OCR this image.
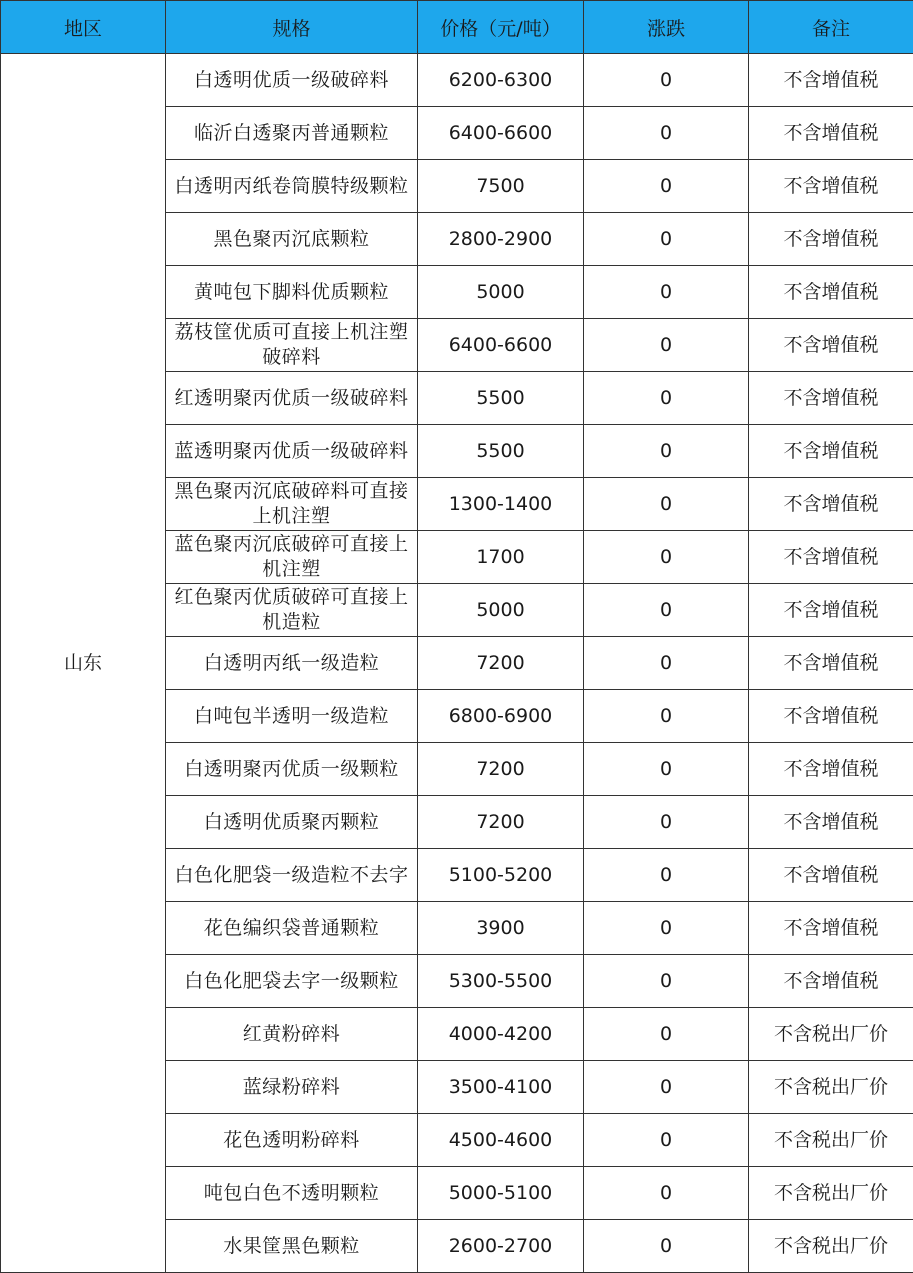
地区	规格	价格（元/吨）	涨跌	备注
山东	白透明优质一级破碎料	6200-6300	0	不含增值税
	临沂白透聚丙普通颗粒	6400-6600	0	不含增值税
	白透明丙纸卷筒膜特级颗粒	7500	0	不含增值税
	黑色聚丙沉底颗粒	2800-2900	0	不含增值税
	黄吨包下脚料优质颗粒	5000	0	不含增值税
	荔枝筐优质可直接上机注塑破碎料	6400-6600	0	不含增值税
	红透明聚丙优质一级破碎料	5500	0	不含增值税
	蓝透明聚丙优质一级破碎料	5500	0	不含增值税
	黑色聚丙沉底破碎料可直接上机注塑	1300-1400	0	不含增值税
	蓝色聚丙沉底破碎可直接上机注塑	1700	0	不含增值税
	红色聚丙优质破碎可直接上机造粒	5000	0	不含增值税
	白透明丙纸一级造粒	7200	0	不含增值税
	白吨包半透明一级造粒	6800-6900	0	不含增值税
	白透明聚丙优质一级颗粒	7200	0	不含增值税
	白透明优质聚丙颗粒	7200	0	不含增值税
	白色化肥袋一级造粒不去字	5100-5200	0	不含增值税
	花色编织袋普通颗粒	3900	0	不含增值税
	白色化肥袋去字一级颗粒	5300-5500	0	不含增值税
	红黄粉碎料	4000-4200	0	不含税出厂价
	蓝绿粉碎料	3500-4100	0	不含税出厂价
	花色透明粉碎料	4500-4600	0	不含税出厂价
	吨包白色不透明颗粒	5000-5100	0	不含税出厂价
	水果筐黑色颗粒	2600-2700	0	不含税出厂价
